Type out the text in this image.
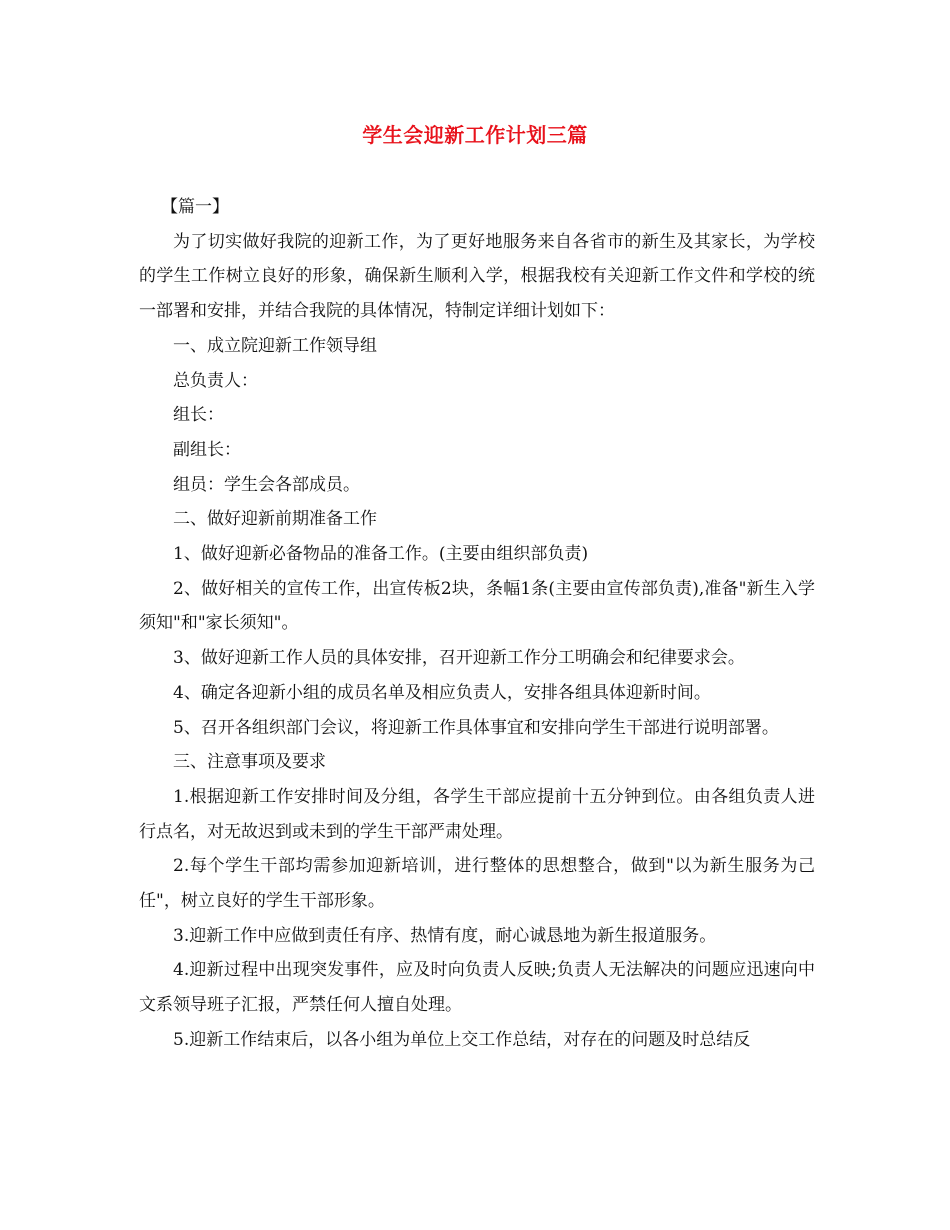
学生会迎新工作计划三篇

【篇一】

为了切实做好我院的迎新工作，为了更好地服务来自各省市的新生及其家长，为学校的学生工作树立良好的形象，确保新生顺利入学，根据我校有关迎新工作文件和学校的统一部署和安排，并结合我院的具体情况，特制定详细计划如下：

一、成立院迎新工作领导组

总负责人：

组长：

副组长：

组员：学生会各部成员。

二、做好迎新前期准备工作

1、做好迎新必备物品的准备工作。(主要由组织部负责)

2、做好相关的宣传工作，出宣传板2块，条幅1条(主要由宣传部负责),准备"新生入学须知"和"家长须知"。

3、做好迎新工作人员的具体安排，召开迎新工作分工明确会和纪律要求会。

4、确定各迎新小组的成员名单及相应负责人，安排各组具体迎新时间。

5、召开各组织部门会议，将迎新工作具体事宜和安排向学生干部进行说明部署。

三、注意事项及要求

1.根据迎新工作安排时间及分组，各学生干部应提前十五分钟到位。由各组负责人进行点名，对无故迟到或未到的学生干部严肃处理。

2.每个学生干部均需参加迎新培训，进行整体的思想整合，做到"以为新生服务为己任"，树立良好的学生干部形象。

3.迎新工作中应做到责任有序、热情有度，耐心诚恳地为新生报道服务。

4.迎新过程中出现突发事件，应及时向负责人反映;负责人无法解决的问题应迅速向中文系领导班子汇报，严禁任何人擅自处理。

5.迎新工作结束后，以各小组为单位上交工作总结，对存在的问题及时总结反
